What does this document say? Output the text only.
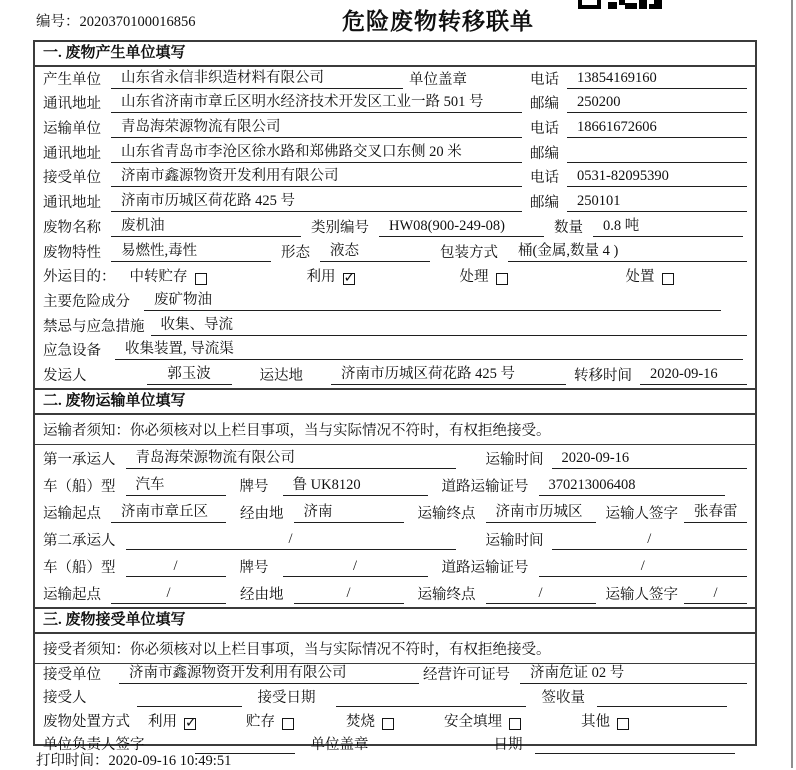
编号：2020370100016856	危险废物转移联单
一. 废物产生单位填写
产生单位	山东省永信非织造材料有限公司	单位盖章	电话	13854169160
通讯地址	山东省济南市章丘区明水经济技术开发区工业一路 501 号	邮编	250200
运输单位	青岛海荣源物流有限公司	电话	18661672606
通讯地址	山东省青岛市李沧区徐水路和郑佛路交叉口东侧 20 米	邮编
接受单位	济南市鑫源物资开发利用有限公司	电话	0531-82095390
通讯地址	济南市历城区荷花路 425 号	邮编	250101
废物名称	废机油	类别编号	HW08(900-249-08)	数量	0.8 吨
废物特性	易燃性,毒性	形态	液态	包装方式	桶(金属,数量 4 )
外运目的： 中转贮存	利用 ✓	处理	处置
主要危险成分	废矿物油
禁忌与应急措施	收集、导流
应急设备	收集装置, 导流渠
发运人	郭玉波	运达地	济南市历城区荷花路 425 号	转移时间	2020-09-16
二. 废物运输单位填写
运输者须知：你必须核对以上栏目事项，当与实际情况不符时，有权拒绝接受。
第一承运人	青岛海荣源物流有限公司	运输时间	2020-09-16
车（船）型	汽车	牌号	鲁 UK8120	道路运输证号	370213006408
运输起点	济南市章丘区	经由地	济南	运输终点	济南市历城区	运输人签字	张春雷
第二承运人	/	运输时间	/
车（船）型	/	牌号	/	道路运输证号	/
运输起点	/	经由地	/	运输终点	/	运输人签字	/
三. 废物接受单位填写
接受者须知：你必须核对以上栏目事项，当与实际情况不符时，有权拒绝接受。
接受单位	济南市鑫源物资开发利用有限公司	经营许可证号	济南危证 02 号
接受人	接受日期	签收量
废物处置方式 利用 ✓	贮存	焚烧	安全填埋	其他
单位负责人签字	单位盖章	日期
打印时间：2020-09-16 10:49:51
